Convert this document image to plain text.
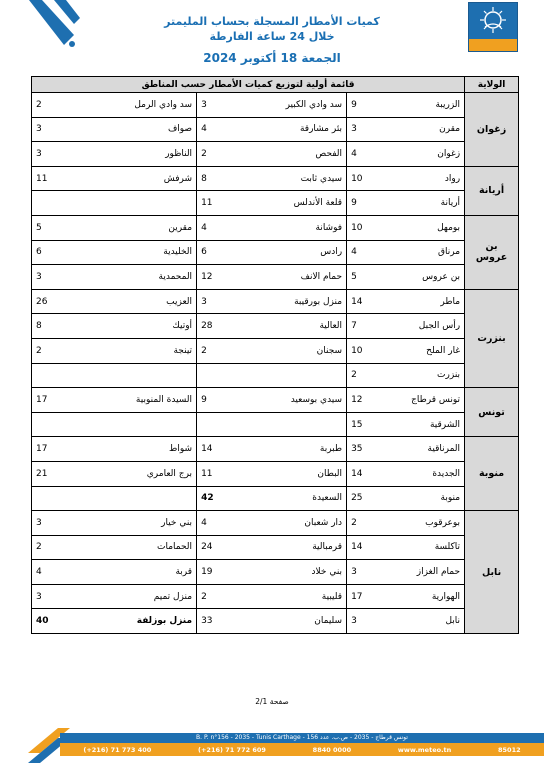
كميات الأمطار المسجلة بحساب المليمتر
خلال 24 ساعة الفارطة
الجمعة 18 أكتوبر 2024
الولاية	قائمة أولية لتوزيع كميات الأمطار حسب المناطق					
زغوان	الزريبة	9	سد وادي الكبير	3	سد وادي الرمل	2
	مقرن	3	بئر مشارقة	4	صواف	3
	زغوان	4	الفحص	2	الناظور	3
أريانة	رواد	10	سيدي ثابت	8	شرفش	11
	أريانة	9	قلعة الأندلس	11		
بن عروس	بومهل	10	فوشانة	4	مقرين	5
	مرناق	4	رادس	6	الخليدية	6
	بن عروس	5	حمام الانف	12	المحمدية	3
بنزرت	ماطر	14	منزل بورقيبة	3	العزيب	26
	رأس الجبل	7	العالية	28	أوتيك	8
	غار الملح	10	سجنان	2	تينجة	2
	بنزرت	2				
تونس	تونس قرطاج	12	سيدي بوسعيد	9	السيدة المنوبية	17
	الشرقية	15				
منوبة	المرناقية	35	طبربة	14	شواط	17
	الجديدة	14	البطان	11	برج العامري	21
	منوبة	25	السعيدة	42		
نابل	بوعرقوب	2	دار شعبان	4	بني خيار	3
	تاكلسة	14	قرمبالية	24	الحمامات	2
	حمام الغزاز	3	بني خلاد	19	قربة	4
	الهوارية	17	قليبية	2	منزل تميم	3
	نابل	3	سليمان	33	منزل بوزلفة	40
صفحة 2/1
B. P. n°156 - 2035 - Tunis Carthage - تونس قرطاج - 2035 - ص.ب. عدد 156
(+216) 71 773 400	(+216) 71 772 609	8840 0000	www.meteo.tn	85012
